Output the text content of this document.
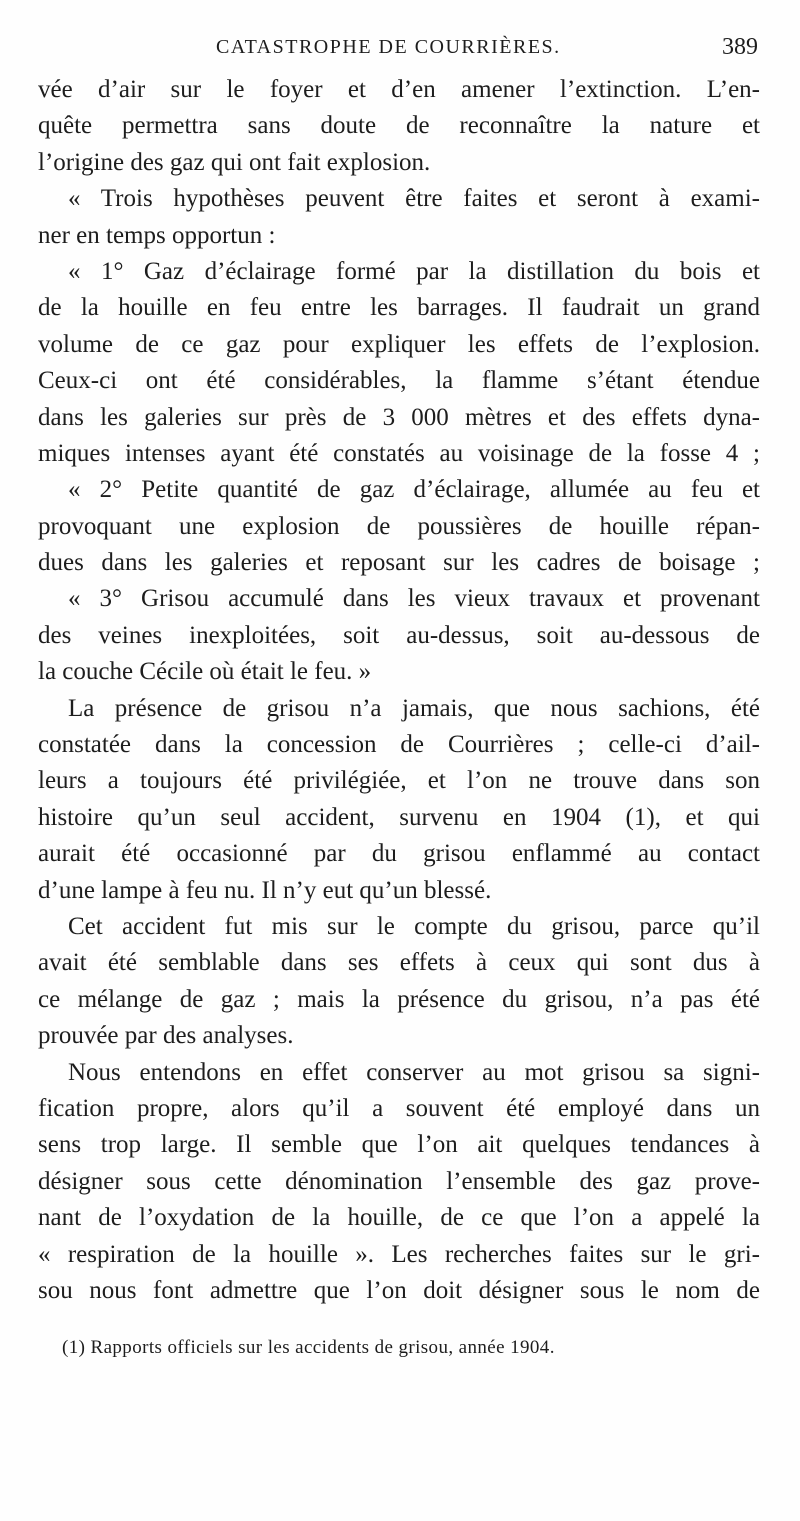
CATASTROPHE DE COURRIÈRES.	389
vée d’air sur le foyer et d’en amener l’extinction. L’en-
quête permettra sans doute de reconnaître la nature et
l’origine des gaz qui ont fait explosion.
« Trois hypothèses peuvent être faites et seront à exami-
ner en temps opportun :
« 1° Gaz d’éclairage formé par la distillation du bois et
de la houille en feu entre les barrages. Il faudrait un grand
volume de ce gaz pour expliquer les effets de l’explosion.
Ceux-ci ont été considérables, la flamme s’étant étendue
dans les galeries sur près de 3 000 mètres et des effets dyna-
miques intenses ayant été constatés au voisinage de la fosse 4 ;
« 2° Petite quantité de gaz d’éclairage, allumée au feu et
provoquant une explosion de poussières de houille répan-
dues dans les galeries et reposant sur les cadres de boisage ;
« 3° Grisou accumulé dans les vieux travaux et provenant
des veines inexploitées, soit au-dessus, soit au-dessous de
la couche Cécile où était le feu. »
La présence de grisou n’a jamais, que nous sachions, été
constatée dans la concession de Courrières ; celle-ci d’ail-
leurs a toujours été privilégiée, et l’on ne trouve dans son
histoire qu’un seul accident, survenu en 1904 (1), et qui
aurait été occasionné par du grisou enflammé au contact
d’une lampe à feu nu. Il n’y eut qu’un blessé.
Cet accident fut mis sur le compte du grisou, parce qu’il
avait été semblable dans ses effets à ceux qui sont dus à
ce mélange de gaz ; mais la présence du grisou, n’a pas été
prouvée par des analyses.
Nous entendons en effet conserver au mot grisou sa signi-
fication propre, alors qu’il a souvent été employé dans un
sens trop large. Il semble que l’on ait quelques tendances à
désigner sous cette dénomination l’ensemble des gaz prove-
nant de l’oxydation de la houille, de ce que l’on a appelé la
« respiration de la houille ». Les recherches faites sur le gri-
sou nous font admettre que l’on doit désigner sous le nom de
(1) Rapports officiels sur les accidents de grisou, année 1904.
